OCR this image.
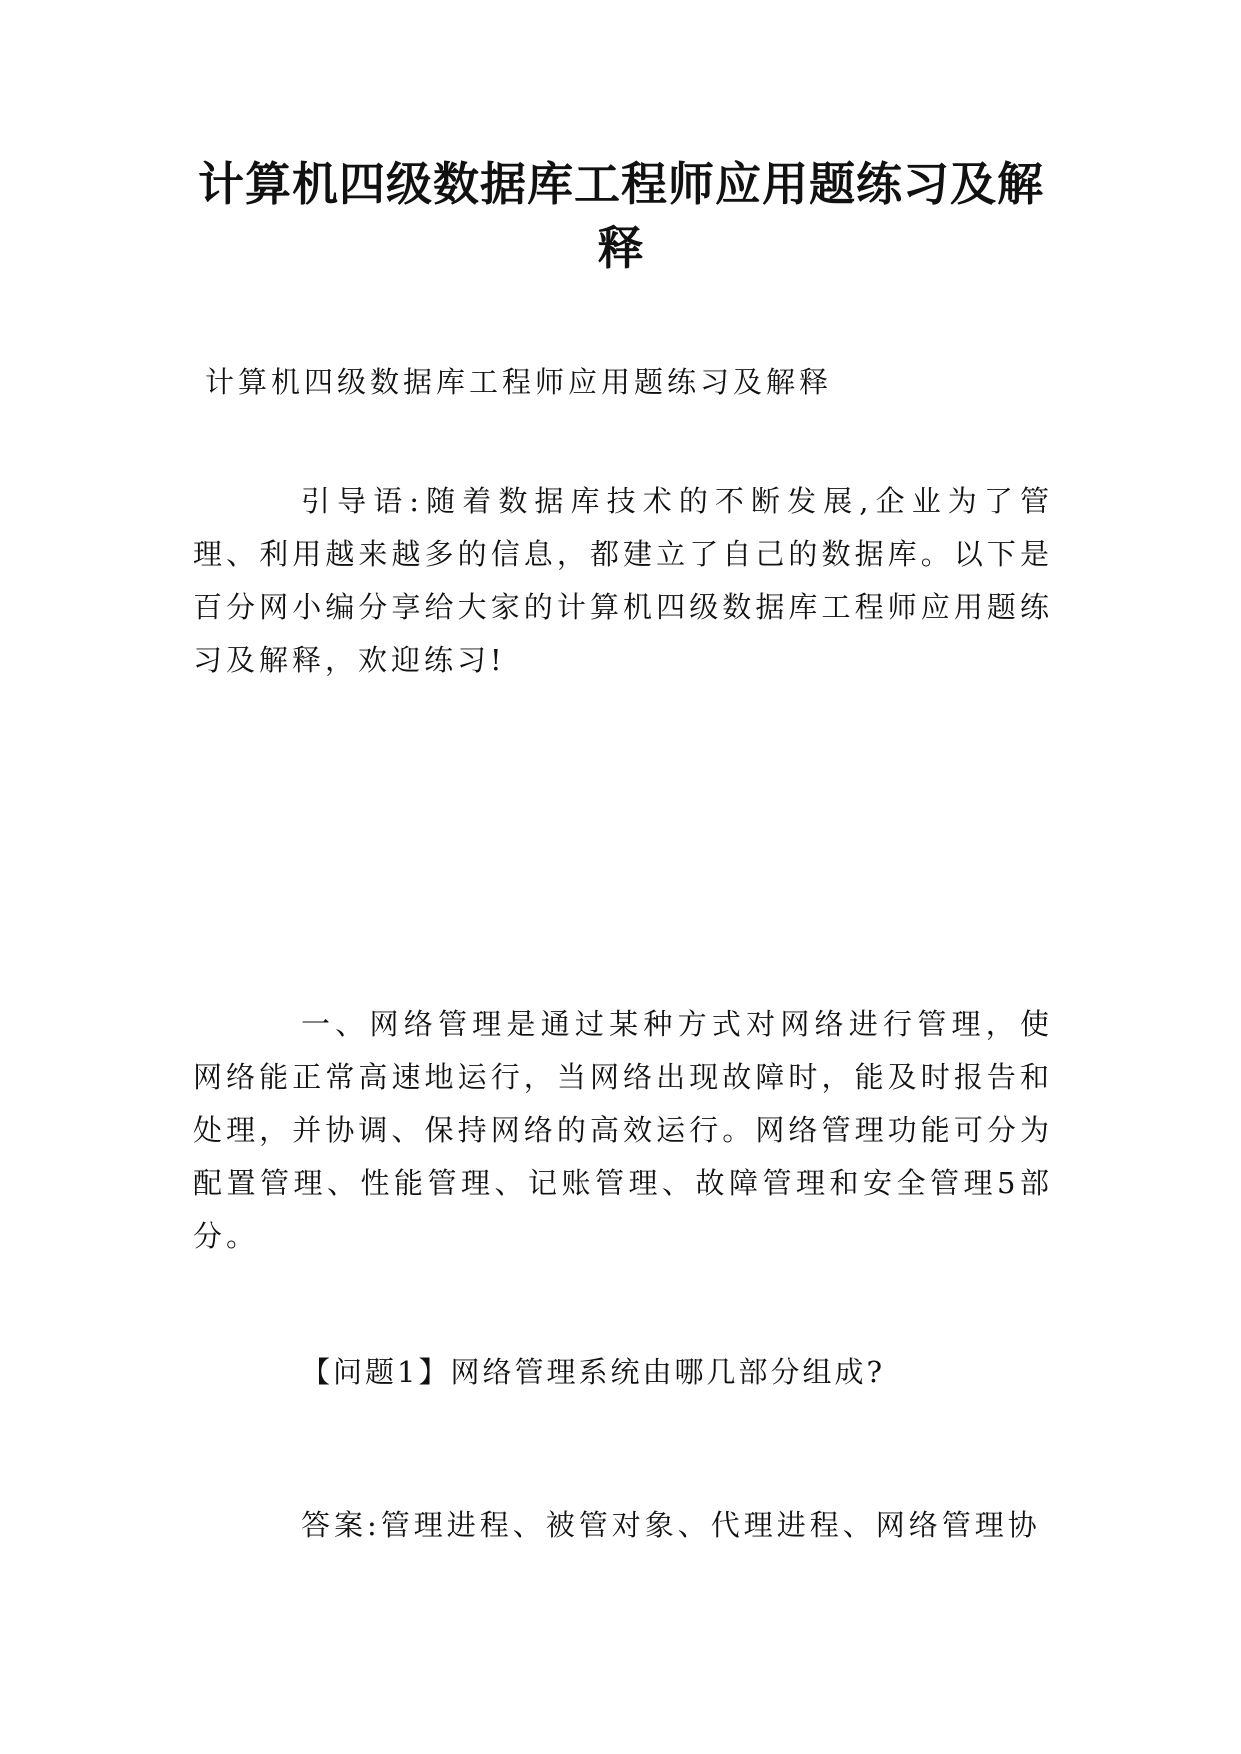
计算机四级数据库工程师应用题练习及解释

计算机四级数据库工程师应用题练习及解释

引导语:随着数据库技术的不断发展,企业为了管理、利用越来越多的信息，都建立了自己的数据库。以下是百分网小编分享给大家的计算机四级数据库工程师应用题练习及解释，欢迎练习!

一、网络管理是通过某种方式对网络进行管理，使网络能正常高速地运行，当网络出现故障时，能及时报告和处理，并协调、保持网络的高效运行。网络管理功能可分为配置管理、性能管理、记账管理、故障管理和安全管理5部分。

【问题1】网络管理系统由哪几部分组成?

答案:管理进程、被管对象、代理进程、网络管理协
